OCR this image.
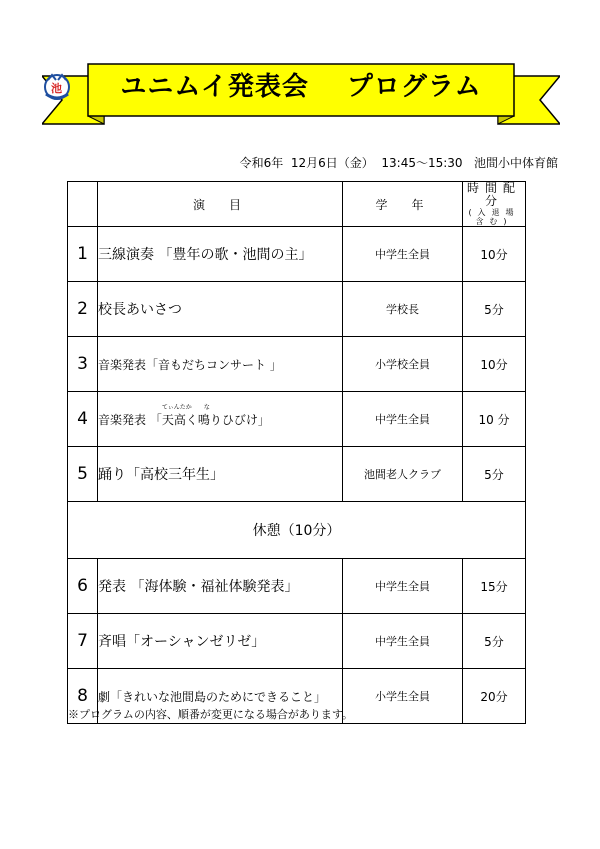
ユニムイ発表会
池	プログラム
令和6年  12月6日（金）  13:45～15:30   池間小中体育館
	演　目	学　年	時間配分
(入退場含む)

1	三線演奏 「豊年の歌・池間の主」	中学生全員	10分
2	校長あいさつ	学校長	5分
3	音楽発表「音もだちコンサート 」	小学校全員	10分
4	音楽発表 「
てぃんたか
天
な
高く鳴りひびけ」	中学生全員	10 分
5	踊り「高校三年生」	池間老人クラブ	5分
休憩（10分）			
6	発表 「海体験・福祉体験発表」	中学生全員	15分
7	斉唱「オーシャンゼリゼ」	中学生全員	5分
8	劇「きれいな池間島のためにできること」	小学生全員	20分
※プログラムの内容、順番が変更になる場合があります。
